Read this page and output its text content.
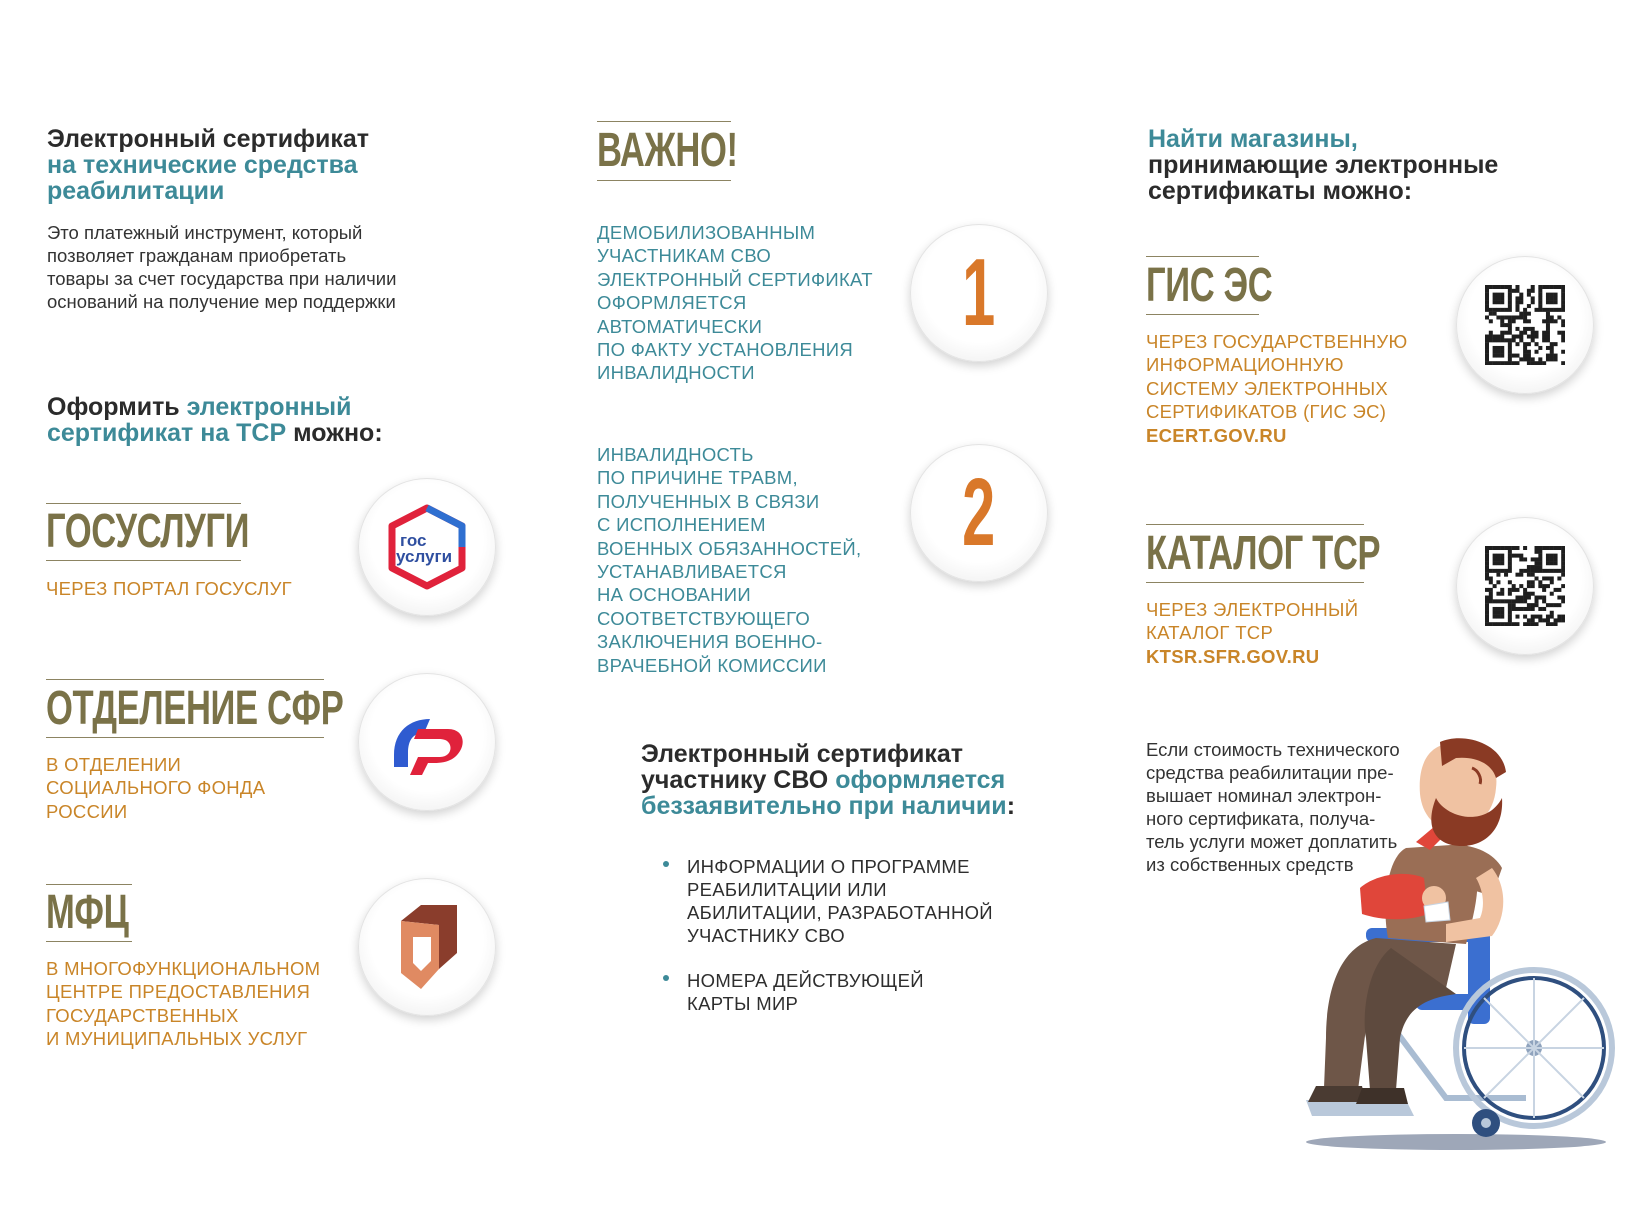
Электронный сертификат
на технические средства
реабилитации
Это платежный инструмент, который
позволяет гражданам приобретать
товары за счет государства при наличии
оснований на получение мер поддержки
Оформить электронный
сертификат на ТСР можно:
ГОСУСЛУГИ
ЧЕРЕЗ ПОРТАЛ ГОСУСЛУГ
гос
услуги
ОТДЕЛЕНИЕ СФР
В ОТДЕЛЕНИИ
СОЦИАЛЬНОГО ФОНДА
РОССИИ
МФЦ
В МНОГОФУНКЦИОНАЛЬНОМ
ЦЕНТРЕ ПРЕДОСТАВЛЕНИЯ
ГОСУДАРСТВЕННЫХ
И МУНИЦИПАЛЬНЫХ УСЛУГ
ВАЖНО!
ДЕМОБИЛИЗОВАННЫМ
УЧАСТНИКАМ СВО
ЭЛЕКТРОННЫЙ СЕРТИФИКАТ
ОФОРМЛЯЕТСЯ
АВТОМАТИЧЕСКИ
ПО ФАКТУ УСТАНОВЛЕНИЯ
ИНВАЛИДНОСТИ
1
ИНВАЛИДНОСТЬ
ПО ПРИЧИНЕ ТРАВМ,
ПОЛУЧЕННЫХ В СВЯЗИ
С ИСПОЛНЕНИЕМ
ВОЕННЫХ ОБЯЗАННОСТЕЙ,
УСТАНАВЛИВАЕТСЯ
НА ОСНОВАНИИ
СООТВЕТСТВУЮЩЕГО
ЗАКЛЮЧЕНИЯ ВОЕННО-
ВРАЧЕБНОЙ КОМИССИИ
2
Электронный сертификат
участнику СВО оформляется
беззаявительно при наличии:
ИНФОРМАЦИИ О ПРОГРАММЕ
РЕАБИЛИТАЦИИ ИЛИ
АБИЛИТАЦИИ, РАЗРАБОТАННОЙ
УЧАСТНИКУ СВО
НОМЕРА ДЕЙСТВУЮЩЕЙ
КАРТЫ МИР
Найти магазины,
принимающие электронные
сертификаты можно:
ГИС ЭС
ЧЕРЕЗ ГОСУДАРСТВЕННУЮ
ИНФОРМАЦИОННУЮ
СИСТЕМУ ЭЛЕКТРОННЫХ
СЕРТИФИКАТОВ (ГИС ЭС)
ECERT.GOV.RU
КАТАЛОГ ТСР
ЧЕРЕЗ ЭЛЕКТРОННЫЙ
КАТАЛОГ ТСР
KTSR.SFR.GOV.RU
Если стоимость технического
средства реабилитации пре-
вышает номинал электрон-
ного сертификата, получа-
тель услуги может доплатить
из собственных средств
